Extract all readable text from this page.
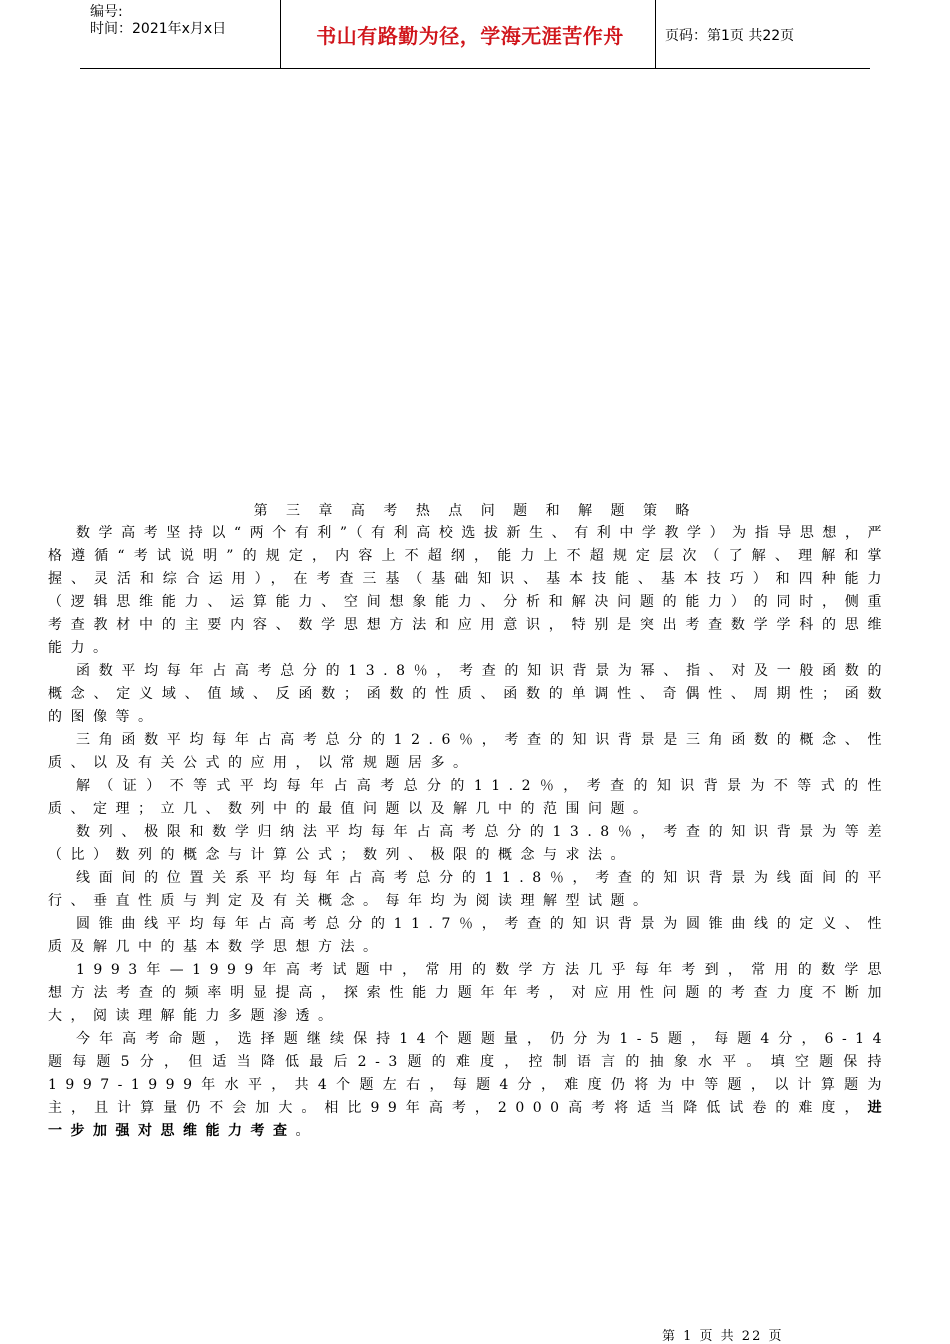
编号:
时间：2021年x月x日	书山有路勤为径，学海无涯苦作舟	页码：第1页 共22页
第 三 章 高 考 热 点 问 题 和 解 题 策 略

数学高考坚持以“两个有利”（有利高校选拔新生、有利中学教学）为指导思想，严格遵循“考试说明”的规定，内容上不超纲，能力上不超规定层次（了解、理解和掌握、灵活和综合运用），在考查三基（基础知识、基本技能、基本技巧）和四种能力（逻辑思维能力、运算能力、空间想象能力、分析和解决问题的能力）的同时，侧重考查教材中的主要内容、数学思想方法和应用意识，特别是突出考查数学学科的思维能力。

函数平均每年占高考总分的13.8％，考查的知识背景为幂、指、对及一般函数的概念、定义域、值域、反函数；函数的性质、函数的单调性、奇偶性、周期性；函数的图像等。

三角函数平均每年占高考总分的12.6％，考查的知识背景是三角函数的概念、性质、以及有关公式的应用，以常规题居多。

解（证）不等式平均每年占高考总分的11.2％，考查的知识背景为不等式的性质、定理；立几、数列中的最值问题以及解几中的范围问题。

数列、极限和数学归纳法平均每年占高考总分的13.8％，考查的知识背景为等差（比）数列的概念与计算公式；数列、极限的概念与求法。

线面间的位置关系平均每年占高考总分的11.8％，考查的知识背景为线面间的平行、垂直性质与判定及有关概念。每年均为阅读理解型试题。

圆锥曲线平均每年占高考总分的11.7％，考查的知识背景为圆锥曲线的定义、性质及解几中的基本数学思想方法。

1993年—1999年高考试题中，常用的数学方法几乎每年考到，常用的数学思想方法考查的频率明显提高，探索性能力题年年考，对应用性问题的考查力度不断加大，阅读理解能力多题渗透。

今年高考命题，选择题继续保持14个题题量，仍分为1-5题，每题4分，6-14题每题5分，但适当降低最后2-3题的难度，控制语言的抽象水平。填空题保持1997-1999年水平，共4个题左右，每题4分，难度仍将为中等题，以计算题为主，且计算量仍不会加大。相比99年高考，2000高考将适当降低试卷的难度，进一步加强对思维能力考查。

第 1 页 共 22 页
